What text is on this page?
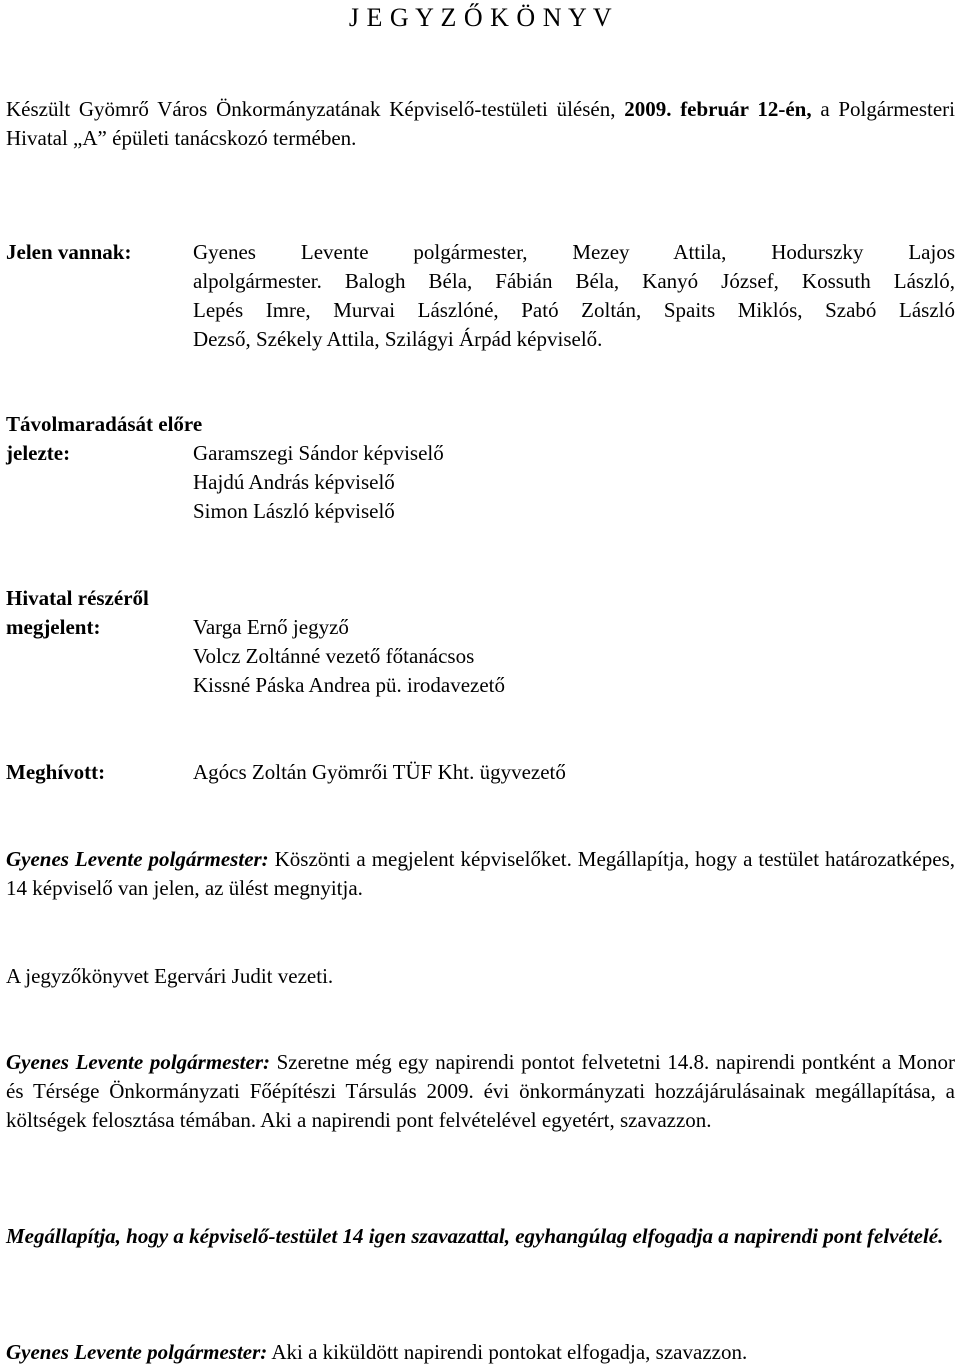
J E G Y Z Ő K Ö N Y V
Készült Gyömrő Város Önkormányzatának Képviselő-testületi ülésén, 2009. február 12-én, a Polgármesteri Hivatal „A” épületi tanácskozó termében.
Jelen vannak:	Gyenes Levente polgármester, Mezey Attila, Hodurszky Lajos
alpolgármester. Balogh Béla, Fábián Béla, Kanyó József, Kossuth László,
Lepés Imre, Murvai Lászlóné, Pató Zoltán, Spaits Miklós, Szabó László
Dezső, Székely Attila, Szilágyi Árpád képviselő.
Távolmaradását előre
jelezte:	Garamszegi Sándor képviselő
Hajdú András képviselő
Simon László képviselő
Hivatal részéről
megjelent:	Varga Ernő jegyző
Volcz Zoltánné vezető főtanácsos
Kissné Páska Andrea pü. irodavezető
Meghívott:	Agócs Zoltán Gyömrői TÜF Kht. ügyvezető
Gyenes Levente polgármester: Köszönti a megjelent képviselőket. Megállapítja, hogy a testület határozatképes, 14 képviselő van jelen, az ülést megnyitja.
A jegyzőkönyvet Egervári Judit vezeti.
Gyenes Levente polgármester: Szeretne még egy napirendi pontot felvetetni 14.8. napirendi pontként a Monor és Térsége Önkormányzati Főépítészi Társulás 2009. évi önkormányzati hozzájárulásainak megállapítása, a költségek felosztása témában. Aki a napirendi pont felvételével egyetért, szavazzon.
Megállapítja, hogy a képviselő-testület 14 igen szavazattal, egyhangúlag elfogadja a napirendi pont felvételé.
Gyenes Levente polgármester: Aki a kiküldött napirendi pontokat elfogadja, szavazzon.
